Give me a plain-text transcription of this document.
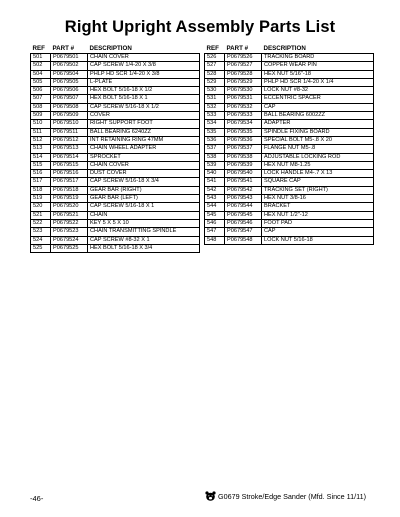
Right Upright Assembly Parts List
REF	PART #	DESCRIPTION
501	P0679501	CHAIN COVER
502	P0679502	CAP SCREW 1/4-20 X 3/8
504	P0679504	PHLP HD SCR 1/4-20 X 3/8
505	P0679505	L-PLATE
506	P0679506	HEX BOLT 5/16-18 X 1/2
507	P0679507	HEX BOLT 5/16-18 X 1
508	P0679508	CAP SCREW 5/16-18 X 1/2
509	P0679509	COVER
510	P0679510	RIGHT SUPPORT FOOT
511	P0679511	BALL BEARING 6240ZZ
512	P0679512	INT RETAINING RING 47MM
513	P0679513	CHAIN WHEEL ADAPTER
514	P0679514	SPROCKET
515	P0679515	CHAIN COVER
516	P0679516	DUST COVER
517	P0679517	CAP SCREW 5/16-18 X 3/4
518	P0679518	GEAR BAR (RIGHT)
519	P0679519	GEAR BAR (LEFT)
520	P0679520	CAP SCREW 5/16-18 X 1
521	P0679521	CHAIN
522	P0679522	KEY 5 X 5 X 10
523	P0679523	CHAIN TRANSMITTING SPINDLE
524	P0679524	CAP SCREW #8-32 X 1
525	P0679525	HEX BOLT 5/16-18 X 3/4
REF	PART #	DESCRIPTION
526	P0679526	TRACKING BOARD
527	P0679527	COPPER WEAR PIN
528	P0679528	HEX NUT 5/16"-18
529	P0679529	PHLP HD SCR 1/4-20 X 1/4
530	P0679530	LOCK NUT #8-32
531	P0679531	ECCENTRIC SPACER
532	P0679532	CAP
533	P0679533	BALL BEARING 6002ZZ
534	P0679534	ADAPTER
535	P0679535	SPINDLE FIXING BOARD
536	P0679536	SPECIAL BOLT M5-.8 X 20
537	P0679537	FLANGE NUT M5-.8
538	P0679538	ADJUSTABLE LOCKING ROD
539	P0679539	HEX NUT M8-1.25
540	P0679540	LOCK HANDLE M4-.7 X 13
541	P0679541	SQUARE CAP
542	P0679542	TRACKING SET (RIGHT)
543	P0679543	HEX NUT 3/8-16
544	P0679544	BRACKET
545	P0679545	HEX NUT 1/2"-12
546	P0679546	FOOT PAD
547	P0679547	CAP
548	P0679548	LOCK NUT 5/16-18
-46-	G0679 Stroke/Edge Sander (Mfd. Since 11/11)
